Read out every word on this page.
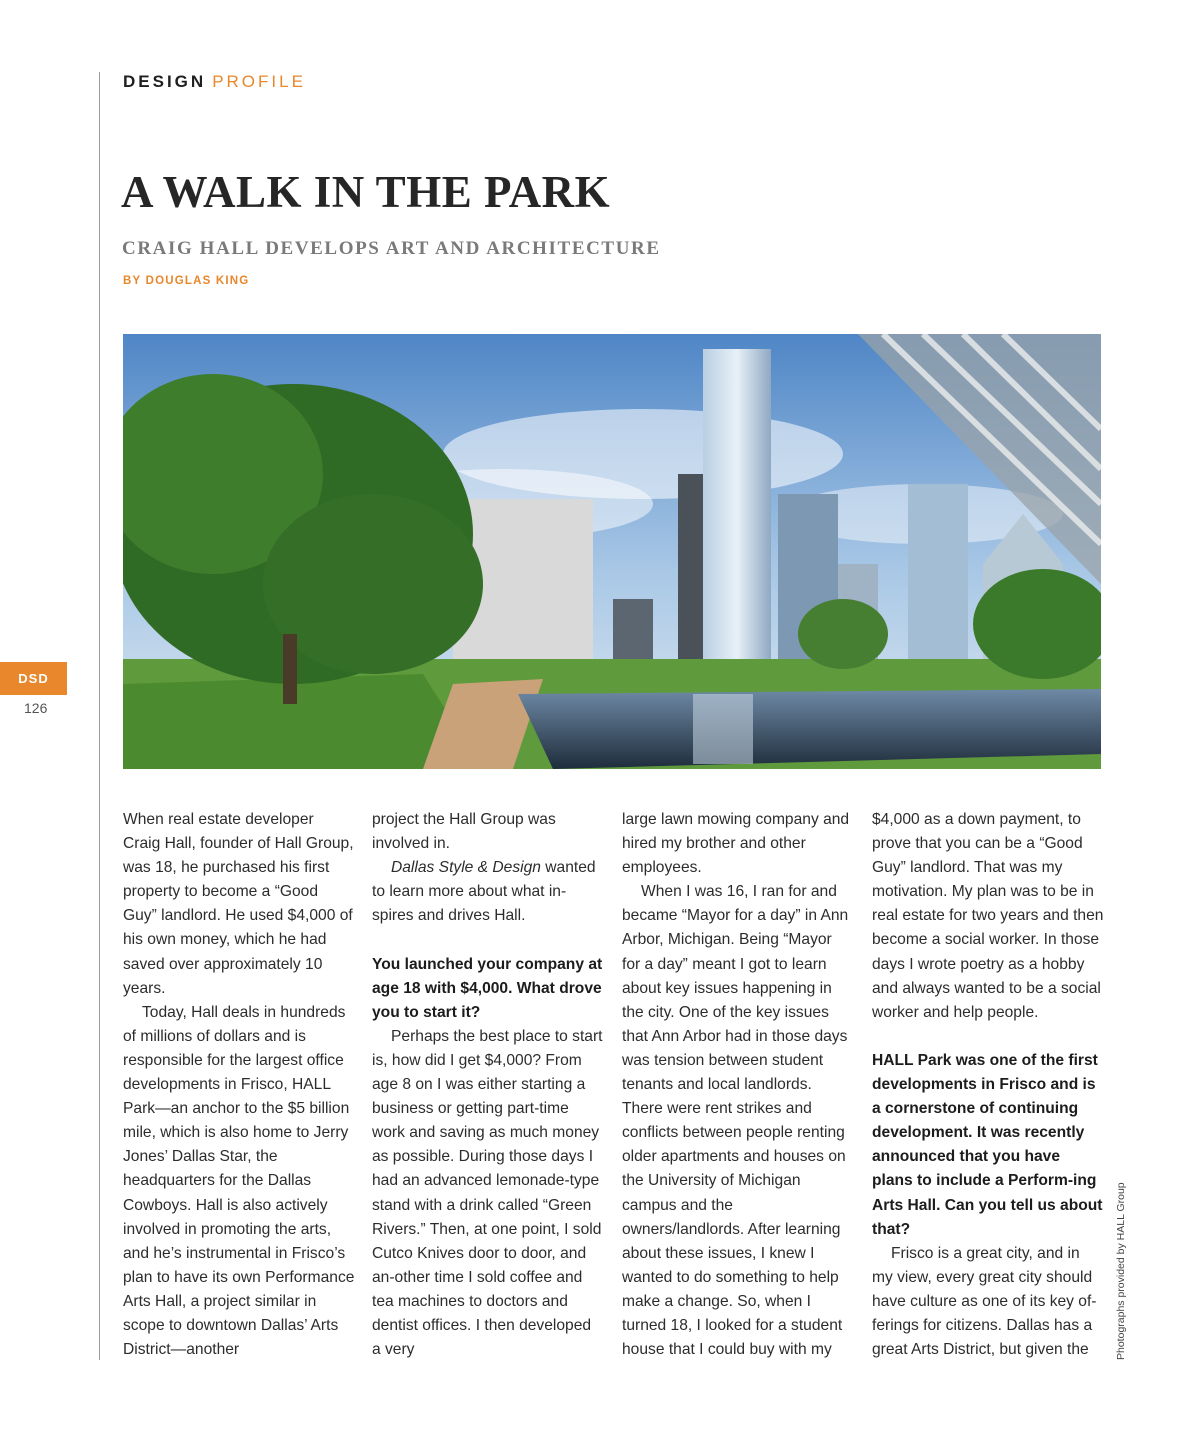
DESIGN PROFILE
A WALK IN THE PARK
CRAIG HALL DEVELOPS ART AND ARCHITECTURE
BY DOUGLAS KING
DSD
126
Photographs provided by HALL Group

When real estate developer Craig Hall, founder of Hall Group, was 18, he purchased his first property to become a “Good Guy” landlord. He used $4,000 of his own money, which he had saved over approximately 10 years.

Today, Hall deals in hundreds of millions of dollars and is responsible for the largest office developments in Frisco, HALL Park—an anchor to the $5 billion mile, which is also home to Jerry Jones’ Dallas Star, the headquarters for the Dallas Cowboys. Hall is also actively involved in promoting the arts, and he’s instrumental in Frisco’s plan to have its own Performance Arts Hall, a project similar in scope to downtown Dallas’ Arts District—another

project the Hall Group was involved in.

Dallas Style & Design wanted to learn more about what in-spires and drives Hall.

You launched your company at age 18 with $4,000. What drove you to start it?

Perhaps the best place to start is, how did I get $4,000? From age 8 on I was either starting a business or getting part-time work and saving as much money as possible. During those days I had an advanced lemonade-type stand with a drink called “Green Rivers.” Then, at one point, I sold Cutco Knives door to door, and an-other time I sold coffee and tea machines to doctors and dentist offices. I then developed a very

large lawn mowing company and hired my brother and other employees.

When I was 16, I ran for and became “Mayor for a day” in Ann Arbor, Michigan. Being “Mayor for a day” meant I got to learn about key issues happening in the city. One of the key issues that Ann Arbor had in those days was tension between student tenants and local landlords. There were rent strikes and conflicts between people renting older apartments and houses on the University of Michigan campus and the owners/landlords. After learning about these issues, I knew I wanted to do something to help make a change. So, when I turned 18, I looked for a student house that I could buy with my

$4,000 as a down payment, to prove that you can be a “Good Guy” landlord. That was my motivation. My plan was to be in real estate for two years and then become a social worker. In those days I wrote poetry as a hobby and always wanted to be a social worker and help people.

HALL Park was one of the first developments in Frisco and is a cornerstone of continuing development. It was recently announced that you have plans to include a Perform-ing Arts Hall. Can you tell us about that?

Frisco is a great city, and in my view, every great city should have culture as one of its key of-ferings for citizens. Dallas has a great Arts District, but given the
